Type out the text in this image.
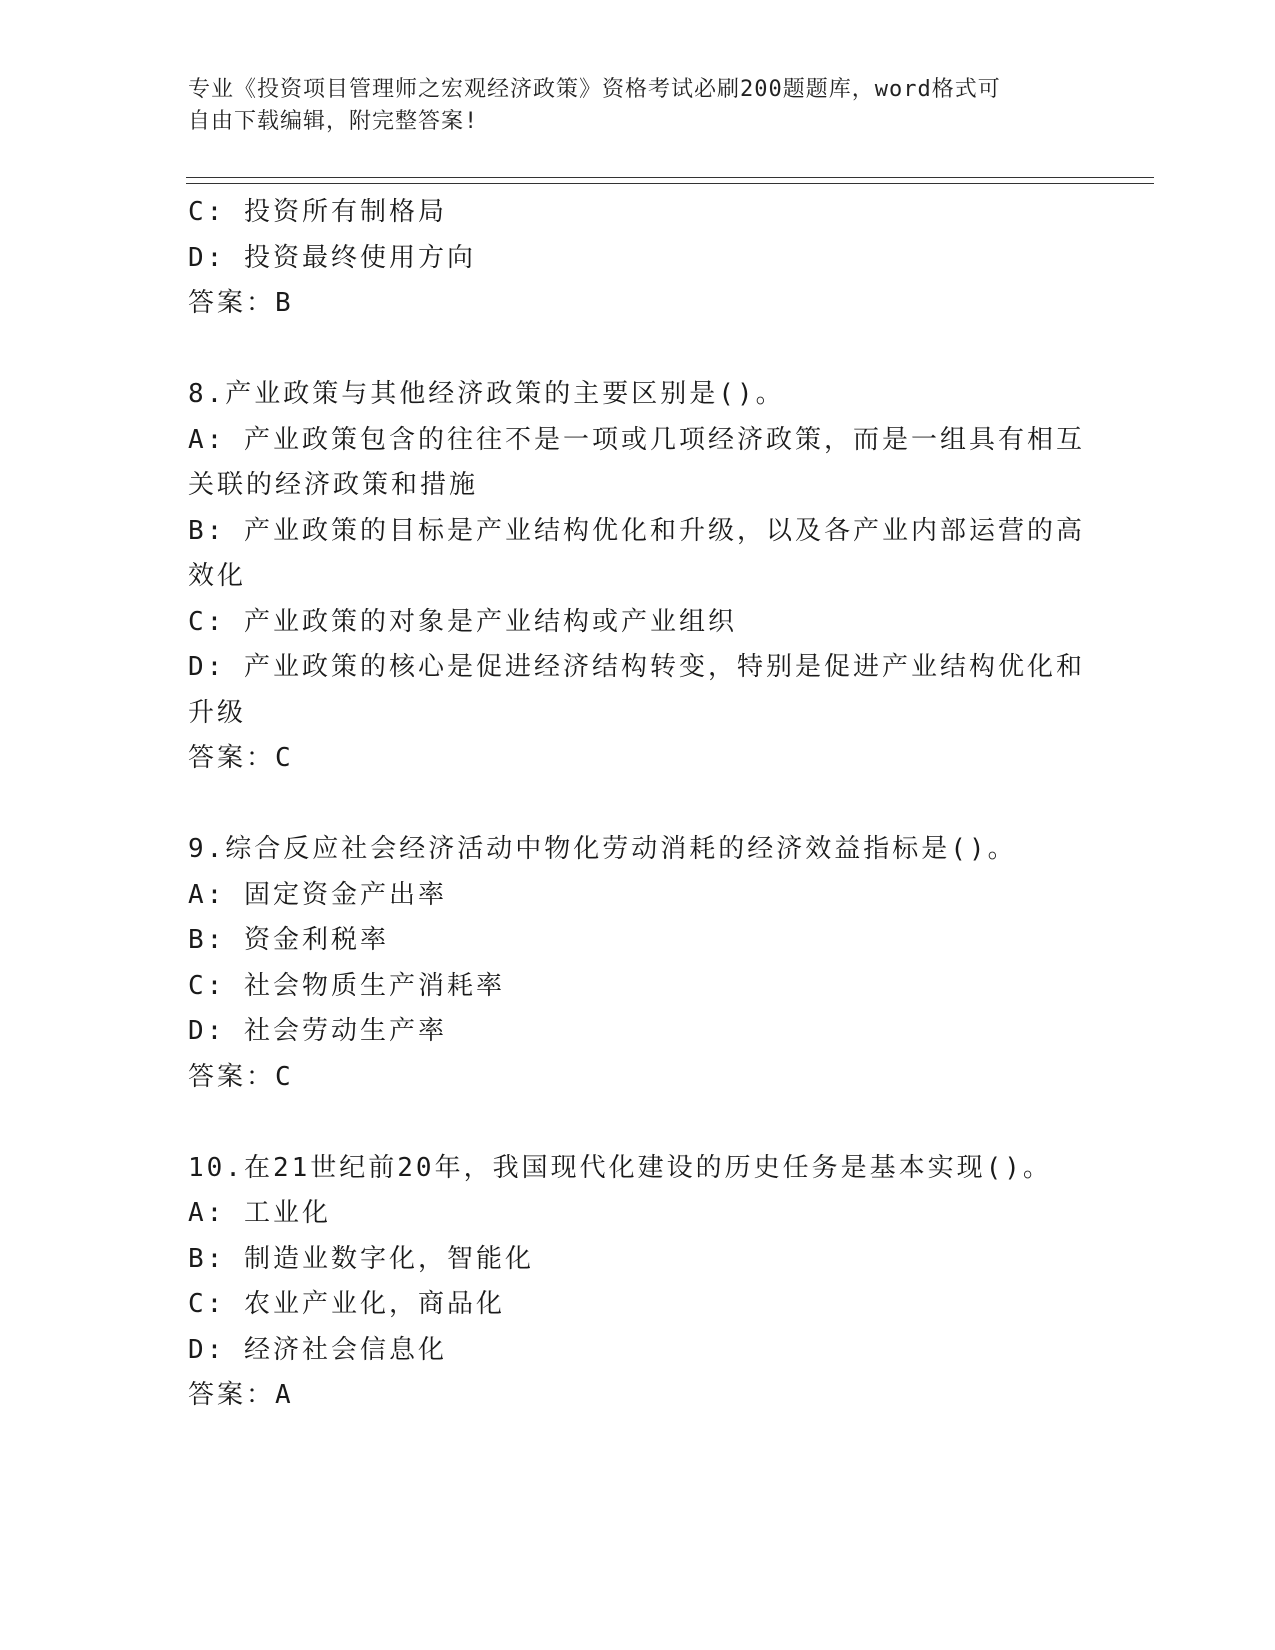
专业《投资项目管理师之宏观经济政策》资格考试必刷200题题库，word格式可
自由下载编辑，附完整答案!

C: 投资所有制格局

D: 投资最终使用方向

答案：B

8.产业政策与其他经济政策的主要区别是()。

A: 产业政策包含的往往不是一项或几项经济政策，而是一组具有相互关联的经济政策和措施

B: 产业政策的目标是产业结构优化和升级，以及各产业内部运营的高效化

C: 产业政策的对象是产业结构或产业组织

D: 产业政策的核心是促进经济结构转变，特别是促进产业结构优化和升级

答案：C

9.综合反应社会经济活动中物化劳动消耗的经济效益指标是()。

A: 固定资金产出率

B: 资金利税率

C: 社会物质生产消耗率

D: 社会劳动生产率

答案：C

10.在21世纪前20年，我国现代化建设的历史任务是基本实现()。

A: 工业化

B: 制造业数字化，智能化

C: 农业产业化，商品化

D: 经济社会信息化

答案：A
